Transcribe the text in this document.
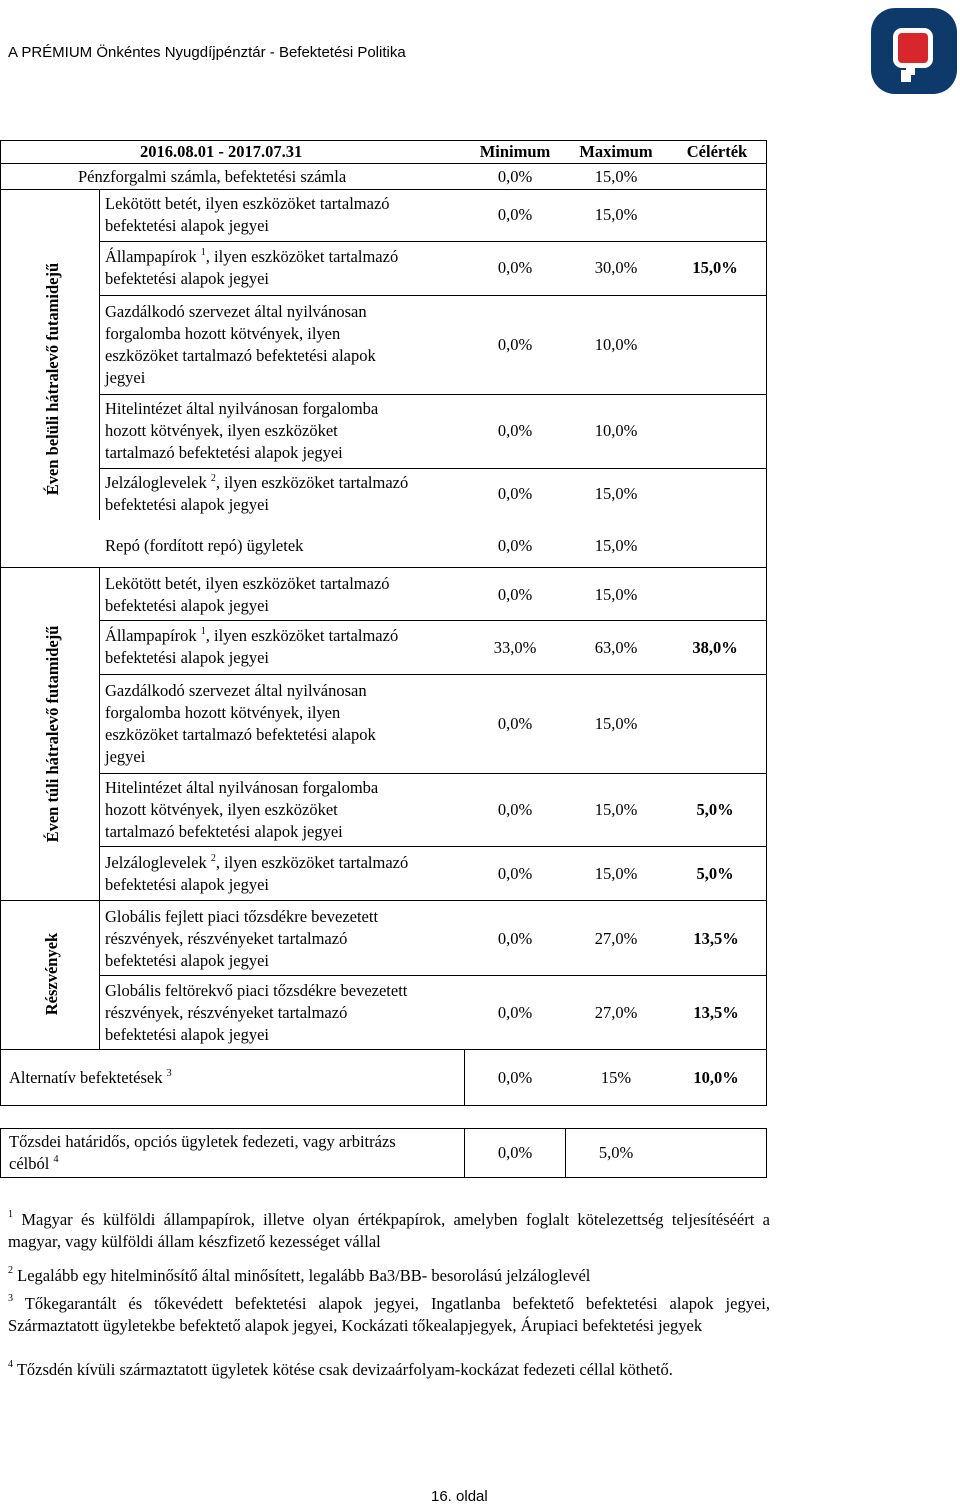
A PRÉMIUM Önkéntes Nyugdíjpénztár - Befektetési Politika
2016.08.01 - 2017.07.31	Minimum	Maximum	Célérték
Pénzforgalmi számla, befektetési számla	0,0%	15,0%
Éven belüli hátralevő futamidejű
Lekötött betét, ilyen eszközöket tartalmazó
befektetési alapok jegyei
0,0%	15,0%
Állampapírok $^1$, ilyen eszközöket tartalmazó
befektetési alapok jegyei
0,0%	30,0%	15,0%
Gazdálkodó szervezet által nyilvánosan
forgalomba hozott kötvények, ilyen
eszközöket tartalmazó befektetési alapok
jegyei
0,0%	10,0%
Hitelintézet által nyilvánosan forgalomba
hozott kötvények, ilyen eszközöket
tartalmazó befektetési alapok jegyei
0,0%	10,0%
Jelzáloglevelek $^2$, ilyen eszközöket tartalmazó
befektetési alapok jegyei
0,0%	15,0%
Repó (fordított repó) ügyletek	0,0%	15,0%
Éven túli hátralevő futamidejű
Lekötött betét, ilyen eszközöket tartalmazó
befektetési alapok jegyei
0,0%	15,0%
Állampapírok $^1$, ilyen eszközöket tartalmazó
befektetési alapok jegyei
33,0%	63,0%	38,0%
Gazdálkodó szervezet által nyilvánosan
forgalomba hozott kötvények, ilyen
eszközöket tartalmazó befektetési alapok
jegyei
0,0%	15,0%
Hitelintézet által nyilvánosan forgalomba
hozott kötvények, ilyen eszközöket
tartalmazó befektetési alapok jegyei
0,0%	15,0%	5,0%
Jelzáloglevelek $^2$, ilyen eszközöket tartalmazó
befektetési alapok jegyei
0,0%	15,0%	5,0%
Részvények
Globális fejlett piaci tőzsdékre bevezetett
részvények, részvényeket tartalmazó
befektetési alapok jegyei
0,0%	27,0%	13,5%
Globális feltörekvő piaci tőzsdékre bevezetett
részvények, részvényeket tartalmazó
befektetési alapok jegyei
0,0%	27,0%	13,5%
Alternatív befektetések $^3$	0,0%	15%	10,0%
Tőzsdei határidős, opciós ügyletek fedezeti, vagy arbitrázs
célból $^4$	0,0%	5,0%
$^1$ Magyar és külföldi állampapírok, illetve olyan értékpapírok, amelyben foglalt kötelezettség teljesítéséért a magyar, vagy külföldi állam készfizető kezességet vállal
$^2$ Legalább egy hitelminősítő által minősített, legalább Ba3/BB- besorolású jelzáloglevél
$^3$ Tőkegarantált és tőkevédett befektetési alapok jegyei, Ingatlanba befektető befektetési alapok jegyei, Származtatott ügyletekbe befektető alapok jegyei, Kockázati tőkealapjegyek, Árupiaci befektetési jegyek
$^4$ Tőzsdén kívüli származtatott ügyletek kötése csak devizaárfolyam-kockázat fedezeti céllal köthető.
16. oldal
